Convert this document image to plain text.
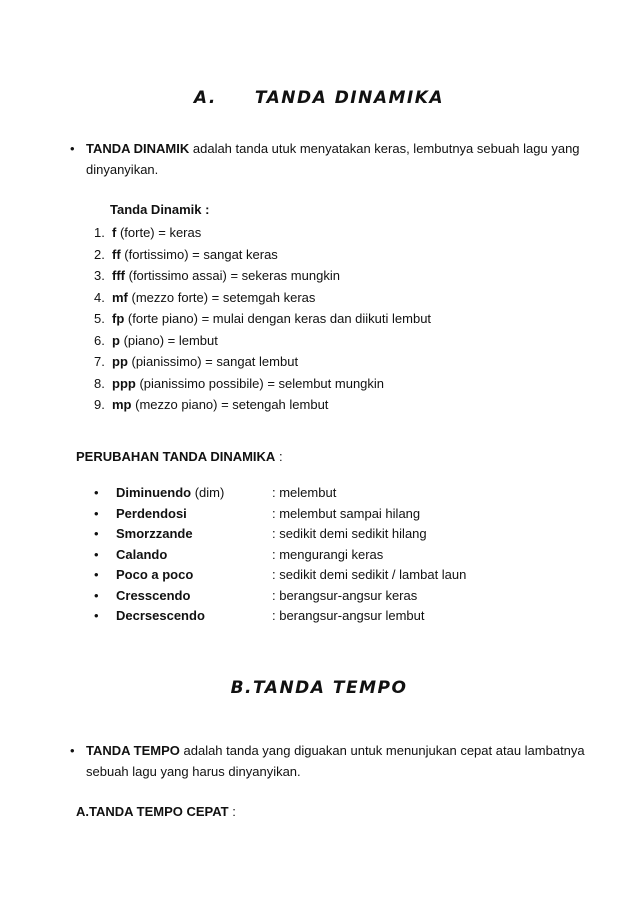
A. TANDA DINAMIKA
• TANDA DINAMIK adalah tanda utuk menyatakan keras, lembutnya sebuah lagu yang dinyanyikan.
Tanda Dinamik :
1. f (forte) = keras
2. ff (fortissimo) = sangat keras
3. fff (fortissimo assai) = sekeras mungkin
4. mf (mezzo forte) = setemgah keras
5. fp (forte piano) = mulai dengan keras dan diikuti lembut
6. p (piano) = lembut
7. pp (pianissimo) = sangat lembut
8. ppp (pianissimo possibile) = selembut mungkin
9. mp (mezzo piano) = setengah lembut
PERUBAHAN TANDA DINAMIKA :
• Diminuendo (dim)	: melembut
• Perdendosi	: melembut sampai hilang
• Smorzzande	: sedikit demi sedikit hilang
• Calando	: mengurangi keras
• Poco a poco	: sedikit demi sedikit / lambat laun
• Cresscendo	: berangsur-angsur keras
• Decrsescendo	: berangsur-angsur lembut
B.TANDA TEMPO
• TANDA TEMPO adalah tanda yang diguakan untuk menunjukan cepat atau lambatnya sebuah lagu yang harus dinyanyikan.
A.TANDA TEMPO CEPAT :
